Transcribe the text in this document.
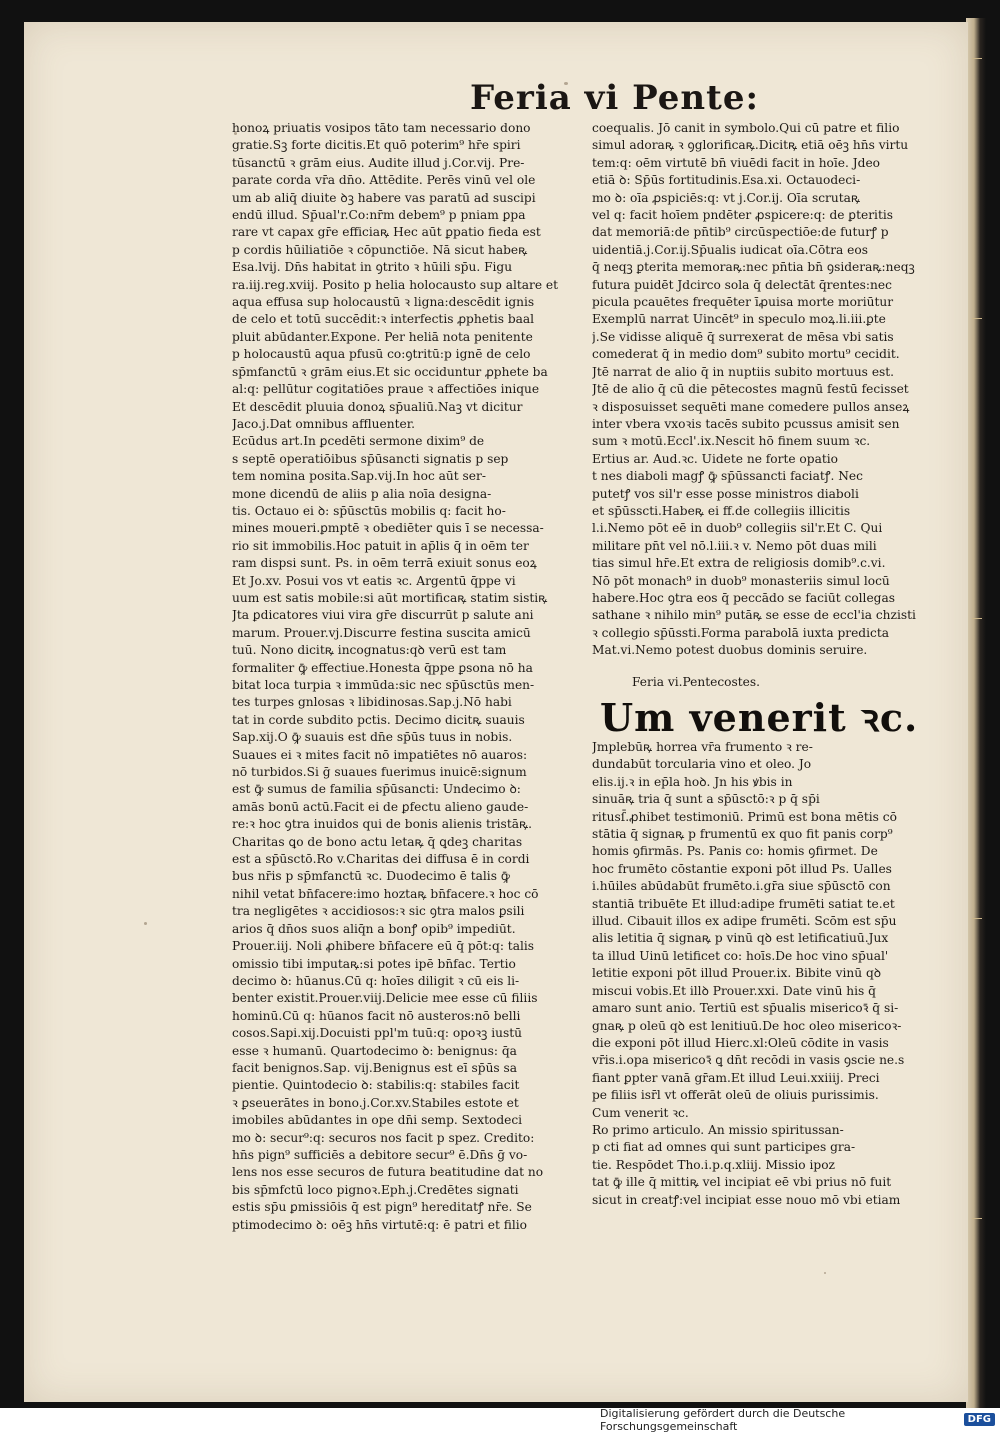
Feria vi Pente:

honoꝝ priuatis vosipos tāto tam necessario dono

gratie.Sꝫ forte dicitis.Et quō poterim⁹ hr̄e spiri

tūsanctū ꝛ grām eius. Audite illud j.Cor.vij. Pre-

parate corda vr̄a dn̄o. Attēdite. Perēs vinū vel ole

um ab aliq̄ diuite ꝺꝫ habere vas paratū ad suscipi

endū illud. Sp̄ual'r.Co:nr̄m debem⁹ p pniam ꝑpa

rare vt capax gr̄e efficiaꝶ Hec aūt ꝑpatio fieda est

p cordis hūiliatiōe ꝛ cōpunctiōe. Nā sicut habeꝶ

Esa.lvij. Dn̄s habitat in ꝯtrito ꝛ hūili sp̄u. Figu

ra.iij.reg.xviij. Posito p helia holocausto sup altare et

aqua effusa sup holocaustū ꝛ ligna:descēdit ignis

de celo et totū succēdit:ꝛ interfectis ꝓphetis baal

pluit abūdanter.Expone. Per heliā nota penitente

p holocaustū aqua pfusū co:ꝯtritū:p ignē de celo

sp̄mfanctū ꝛ grām eius.Et sic occiduntur ꝓphete ba

al:q: pellūtur cogitatiōes praue ꝛ affectiōes inique

Et descēdit pluuia donoꝝ sp̄ualiū.Naꝫ vt dicitur

Jaco.j.Dat omnibus affluenter.

Ecūdus art.In ꝑcedēti sermone dixim⁹ de

s septē operatiōibus sp̄ūsancti signatis p sep

tem nomina posita.Sap.vij.In hoc aūt ser-

mone dicendū de aliis p alia noīa designa-

tis. Octauo ei ꝺ: sp̄ūsctūs mobilis q: facit ho-

mines moueri.ꝑmptē ꝛ obediēter ꝗuis ī se necessa-

rio sit immobilis.Hoc patuit in ap̄lis q̄ in oēm ter

ram dispsi sunt. Ps. in oēm terrā exiuit sonus eoꝝ

Et Jo.xv. Posui vos vt eatis ꝛc. Argentū q̄ppe vi

uum est satis mobile:si aūt mortificaꝶ statim sistiꝶ

Jta ꝑdicatores viui vira gr̄e discurrūt p salute ani

marum. Prouer.vj.Discurre festina suscita amicū

tuū. Nono dicitꝶ incognatus:qꝺ verū est tam

formaliter ꝙ̄ effectiue.Honesta q̄ppe ꝑsona nō ha

bitat loca turpia ꝛ immūda:sic nec sp̄ūsctūs men-

tes turpes gnlosas ꝛ libidinosas.Sap.j.Nō habi

tat in corde subdito pctis. Decimo dicitꝶ suauis

Sap.xij.O ꝙ̄ suauis est dn̄e sp̄ūs tuus in nobis.

Suaues ei ꝛ mites facit nō impatiētes nō auaros:

nō turbidos.Si ḡ suaues fuerimus inuicē:signum

est ꝙ̄ sumus de familia sp̄ūsancti: Undecimo ꝺ:

amās bonū actū.Facit ei de ꝑfectu alieno gaude-

re:ꝛ hoc ꝯtra inuidos qui de bonis alienis tristāꝶ.

Charitas ꝗo de bono actu letaꝶ q̄ ꝗdeꝫ charitas

est a sp̄ūsctō.Ro v.Charitas dei diffusa ē in cordi

bus nr̄is p sp̄mfanctū ꝛc. Duodecimo ē talis ꝙ̄

nihil vetat bn̄facere:imo hoztaꝶ bn̄facere.ꝛ hoc cō

tra negligētes ꝛ accidiosos:ꝛ sic ꝯtra malos ꝑsili

arios q̄ dn̄os suos aliq̄n a bonꝭ opib⁹ impediūt.

Prouer.iij. Noli ꝓhibere bn̄facere eū q̄ pōt:q: talis

omissio tibi imputaꝶ:si potes ipē bn̄fac. Tertio

decimo ꝺ: hūanus.Cū q: hoīes diligit ꝛ cū eis li-

benter existit.Prouer.viij.Delicie mee esse cū filiis

hominū.Cū q: hūanos facit nō austeros:nō belli

cosos.Sapi.xij.Docuisti ppl'm tuū:q: opoꝛꝫ iustū

esse ꝛ humanū. Quartodecimo ꝺ: benignus: q̄a

facit benignos.Sap. vij.Benignus est eī sp̄ūs sa

pientie. Quintodecio ꝺ: stabilis:q: stabiles facit

ꝛ ꝑseuerātes in bono.j.Cor.xv.Stabiles estote et

imobiles abūdantes in ope dn̄i semp. Sextodeci

mo ꝺ: secur⁹:q: securos nos facit p spez. Credito:

hn̄s pign⁹ sufficiēs a debitore secur⁹ ē.Dn̄s ḡ vo-

lens nos esse securos de futura beatitudine dat no

bis sp̄mfctū loco pignoꝛ.Eph.j.Credētes signati

estis sp̄u ꝑmissiōis q̄ est pign⁹ hereditatꝭ nr̄e. Se

ptimodecimo ꝺ: oēꝫ hn̄s virtutē:q: ē patri et filio

coequalis. Jō canit in symbolo.Qui cū patre et filio

simul adoraꝶ ꝛ ꝯglorificaꝶ.Dicitꝶ etiā oēꝫ hn̄s virtu

tem:q: oēm virtutē bn̄ viuēdi facit in hoīe. Jdeo

etiā ꝺ: Sp̄ūs fortitudinis.Esa.xi. Octauodeci-

mo ꝺ: oīa ꝓspiciēs:q: vt j.Cor.ij. Oīa scrutaꝶ

vel q: facit hoīem pndēter ꝓspicere:q: de ꝑteritis

dat memoriā:de pn̄tib⁹ circūspectiōe:de futurꝭ p

uidentiā.j.Cor.ij.Sp̄ualis iudicat oīa.Cōtra eos

q̄ neqꝫ ꝑterita memoraꝶ:nec pn̄tia bn̄ ꝯsideraꝶ:neqꝫ

futura puidēt Jdcirco sola q̄ delectāt q̄rentes:nec

picula pcauētes frequēter īꝓuisa morte moriūtur

Exemplū narrat Uincēt⁹ in speculo moꝝ.li.iii.ꝑte

j.Se vidisse aliquē q̄ surrexerat de mēsa vbi satis

comederat q̄ in medio dom⁹ subito mortu⁹ cecidit.

Jtē narrat de alio q̄ in nuptiis subito mortuus est.

Jtē de alio q̄ cū die pētecostes magnū festū fecisset

ꝛ disposuisset sequēti mane comedere pullos anseꝝ

inter vbera vxoꝛis tacēs subito pcussus amisit sen

sum ꝛ motū.Eccl'.ix.Nescit hō finem suum ꝛc.

Ertius ar. Aud.ꝛc. Uidete ne forte opatio

t nes diaboli magꝭ ꝙ̄ sp̄ūssancti faciatꝭ. Nec

putetꝭ vos sil'r esse posse ministros diaboli

et sp̄ūsscti.Habeꝶ ei ff.de collegiis illicitis

l.i.Nemo pōt eē in duob⁹ collegiis sil'r.Et C. Qui

militare pn̄t vel nō.l.iii.ꝛ v. Nemo pōt duas mili

tias simul hr̄e.Et extra de religiosis domib⁹.c.vi.

Nō pōt monach⁹ in duob⁹ monasteriis simul locū

habere.Hoc ꝯtra eos q̄ peccādo se faciūt collegas

sathane ꝛ nihilo min⁹ putāꝶ se esse de eccl'ia chzisti

ꝛ collegio sp̄ūssti.Forma parabolā iuxta predicta

Mat.vi.Nemo potest duobus dominis seruire.

Feria vi.Pentecostes.

Um venerit ꝛc.

Jmplebūꝶ horrea vr̄a frumento ꝛ re-

dundabūt torcularia vino et oleo. Jo

elis.ij.ꝛ in ep̄la hoꝺ. Jn his ꝟbis in

sinuāꝶ tria q̄ sunt a sp̄ūsctō:ꝛ p q̄ sp̄i

ritusſ̄.ꝓhibet testimoniū. Primū est bona mētis cō

stātia q̄ signaꝶ p frumentū ex quo fit panis corp⁹

homis ꝯfirmās. Ps. Panis co: homis ꝯfirmet. De

hoc frumēto cōstantie exponi pōt illud Ps. Ualles

i.hūiles abūdabūt frumēto.i.gr̄a siue sp̄ūsctō con

stantiā tribuēte Et illud:adipe frumēti satiat te.et

illud. Cibauit illos ex adipe frumēti. Scōm est sp̄u

alis letitia q̄ signaꝶ p vinū qꝺ est letificatiuū.Jux

ta illud Uinū letificet co: hoīs.De hoc vino sp̄ual'

letitie exponi pōt illud Prouer.ix. Bibite vinū qꝺ

miscui vobis.Et illꝺ Prouer.xxi. Date vinū his q̄

amaro sunt anio. Tertiū est sp̄ualis misericoꝛ̄ q̄ si-

gnaꝶ p oleū qꝺ est lenitiuū.De hoc oleo misericoꝛ-

die exponi pōt illud Hierc.xl:Oleū cōdite in vasis

vr̄is.i.opa misericoꝛ̄ ꝗ dn̄t recōdi in vasis ꝯscie ne.s

fiant ꝑpter vanā gr̄am.Et illud Leui.xxiiij. Preci

pe filiis isr̄l vt offerāt oleū de oliuis purissimis.

Cum venerit ꝛc.

Ro primo articulo. An missio spiritussan-

p cti fiat ad omnes qui sunt participes gra-

tie. Respōdet Tho.i.p.q.xliij. Missio ipoz

tat ꝙ̄ ille q̄ mittiꝶ vel incipiat eē vbi prius nō fuit

sicut in creatꝭ:vel incipiat esse nouo mō vbi etiam

Digitalisierung gefördert durch die Deutsche Forschungsgemeinschaft	DFG
